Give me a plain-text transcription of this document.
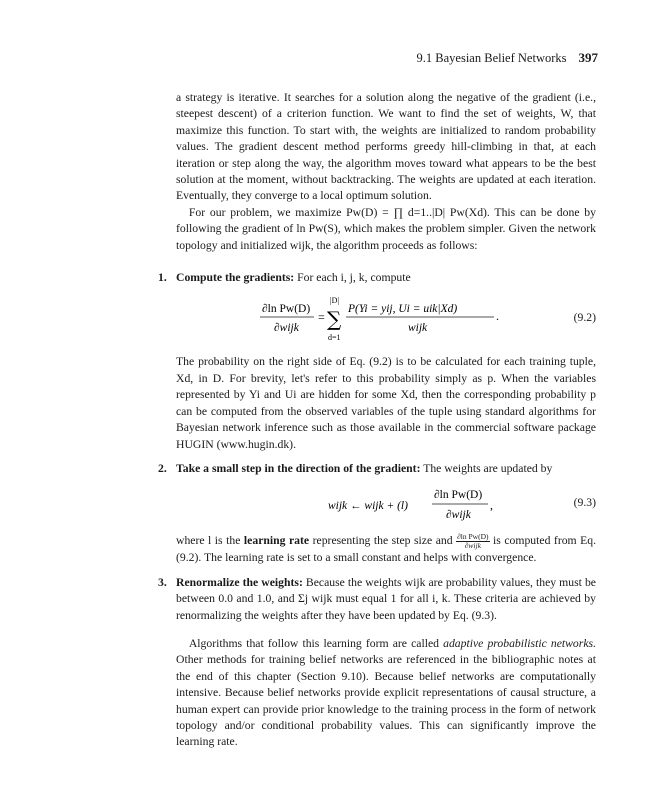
9.1 Bayesian Belief Networks 397

a strategy is iterative. It searches for a solution along the negative of the gradient (i.e., steepest descent) of a criterion function. We want to find the set of weights, W, that maximize this function. To start with, the weights are initialized to random probability values. The gradient descent method performs greedy hill-climbing in that, at each iteration or step along the way, the algorithm moves toward what appears to be the best solution at the moment, without backtracking. The weights are updated at each iteration. Eventually, they converge to a local optimum solution.

For our problem, we maximize Pw(D) = ∏ d=1..|D| Pw(Xd). This can be done by following the gradient of ln Pw(S), which makes the problem simpler. Given the network topology and initialized wijk, the algorithm proceeds as follows:

1. Compute the gradients: For each i, j, k, compute
∂ln Pw(D)
∂wijk
=
|D|
∑
d=1
P(Yi = yij, Ui = uik|Xd)
wijk
.	(9.2)

The probability on the right side of Eq. (9.2) is to be calculated for each training tuple, Xd, in D. For brevity, let's refer to this probability simply as p. When the variables represented by Yi and Ui are hidden for some Xd, then the corresponding probability p can be computed from the observed variables of the tuple using standard algorithms for Bayesian network inference such as those available in the commercial software package HUGIN (www.hugin.dk).

2. Take a small step in the direction of the gradient: The weights are updated by
wijk ← wijk + (l)
∂ln Pw(D)
∂wijk
,	(9.3)

where l is the learning rate representing the step size and ∂ln Pw(D)
∂wijk	is computed from Eq. (9.2). The learning rate is set to a small constant and helps with convergence.

3. Renormalize the weights: Because the weights wijk are probability values, they must be between 0.0 and 1.0, and Σj wijk must equal 1 for all i, k. These criteria are achieved by renormalizing the weights after they have been updated by Eq. (9.3).

Algorithms that follow this learning form are called adaptive probabilistic networks. Other methods for training belief networks are referenced in the bibliographic notes at the end of this chapter (Section 9.10). Because belief networks are computationally intensive. Because belief networks provide explicit representations of causal structure, a human expert can provide prior knowledge to the training process in the form of network topology and/or conditional probability values. This can significantly improve the learning rate.
